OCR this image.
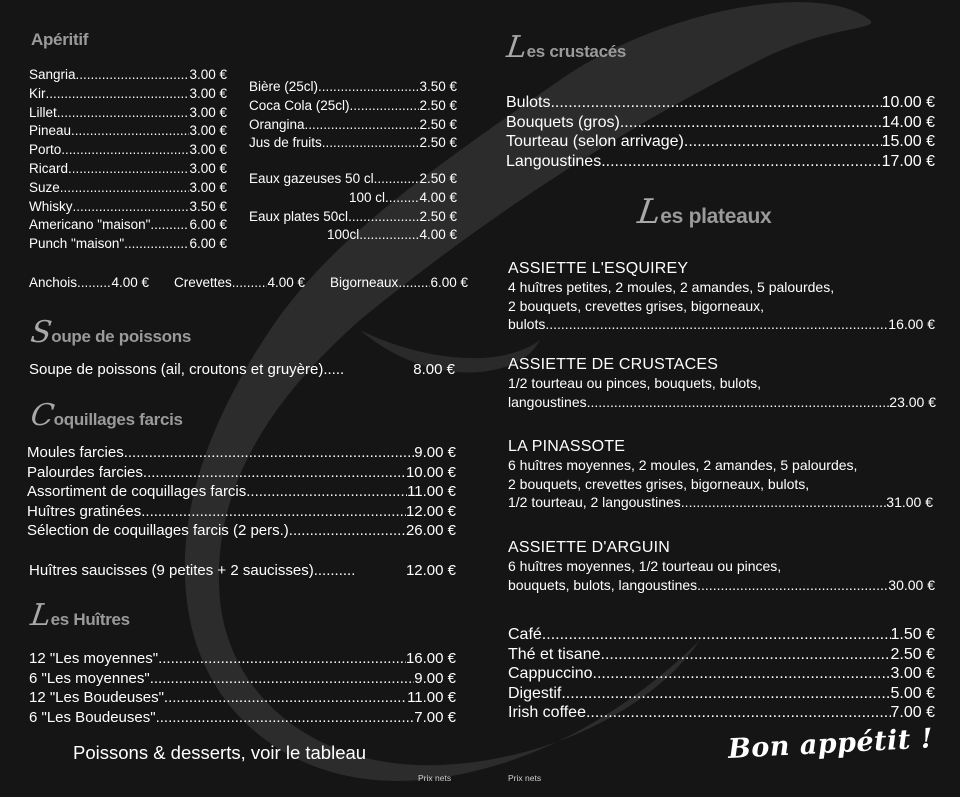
Apéritif
Sangria .....	3.00 €
Kir .....	3.00 €
Lillet .....	3.00 €
Pineau .....	3.00 €
Porto .....	3.00 €
Ricard .....	3.00 €
Suze .....	3.00 €
Whisky .....	3.50 €
Americano "maison" .....	6.00 €
Punch "maison" .....	6.00 €
Bière (25cl) .....	3.50 €
Coca Cola (25cl) .....	2.50 €
Orangina .....	2.50 €
Jus de fruits .....	2.50 €
Eaux gazeuses 50 cl .....	2.50 €
100 cl .....	4.00 €
Eaux plates 50cl .....	2.50 €
100cl .....	4.00 €
Anchois .....	4.00 € Crevettes .....	4.00 € Bigorneaux ..... 6.00 €
Soupe de poissons
Soupe de poissons (ail, croutons et gruyère) .....	8.00 €
Coquillages farcis
Moules farcies .....	9.00 €
Palourdes farcies .....	10.00 €
Assortiment de coquillages farcis .....	11.00 €
Huîtres gratinées .....	12.00 €
Sélection de coquillages farcis (2 pers.) .....	26.00 €
Huîtres saucisses (9 petites + 2 saucisses) .....	12.00 €
Les Huîtres
12 "Les moyennes" .....	16.00 €
6 "Les moyennes" .....	9.00 €
12 "Les Boudeuses" .....	11.00 €
6 "Les Boudeuses" .....	7.00 €
Poissons & desserts, voir le tableau
Prix nets	Prix nets
Les crustacés
Bulots .....	10.00 €
Bouquets (gros) .....	14.00 €
Tourteau (selon arrivage) .....	15.00 €
Langoustines .....	17.00 €
Les plateaux
ASSIETTE L'ESQUIREY
4 huîtres petites, 2 moules, 2 amandes, 5 palourdes,
2 bouquets, crevettes grises, bigorneaux,
bulots .....	16.00 €
ASSIETTE DE CRUSTACES
1/2 tourteau ou pinces, bouquets, bulots,
langoustines .....	23.00 €
LA PINASSOTE
6 huîtres moyennes, 2 moules, 2 amandes, 5 palourdes,
2 bouquets, crevettes grises, bigorneaux, bulots,
1/2 tourteau, 2 langoustines .....	31.00 €
ASSIETTE D'ARGUIN
6 huîtres moyennes, 1/2 tourteau ou pinces,
bouquets, bulots, langoustines .....	30.00 €
Café .....	1.50 €
Thé et tisane .....	2.50 €
Cappuccino .....	3.00 €
Digestif .....	5.00 €
Irish coffee .....	7.00 €
Bon appétit !
